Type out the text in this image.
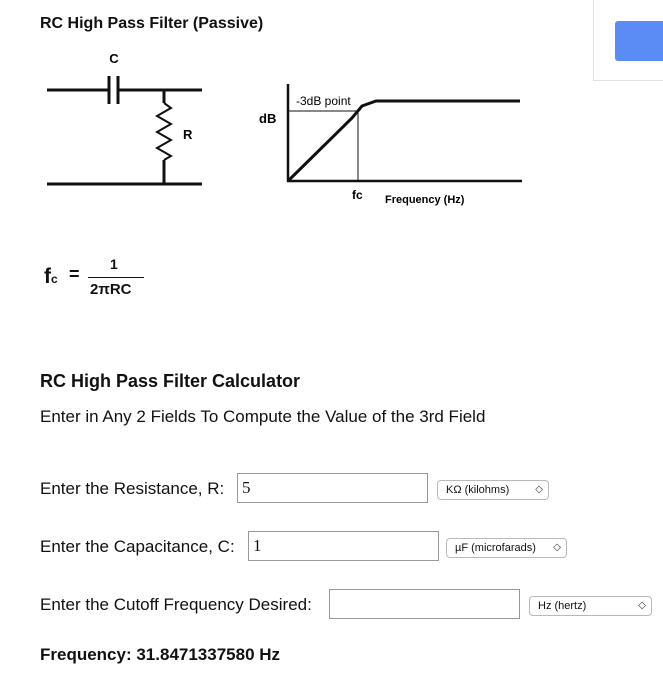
RC High Pass Filter (Passive)
C
R
dB
-3dB point
fc Frequency (Hz)
fc = 1
2πRC
RC High Pass Filter Calculator
Enter in Any 2 Fields To Compute the Value of the 3rd Field
Enter the Resistance, R: 5	KΩ (kilohms)	◇
Enter the Capacitance, C: 1	µF (microfarads) ◇
Enter the Cutoff Frequency Desired:	Hz (hertz)	◇
Frequency: 31.8471337580 Hz
